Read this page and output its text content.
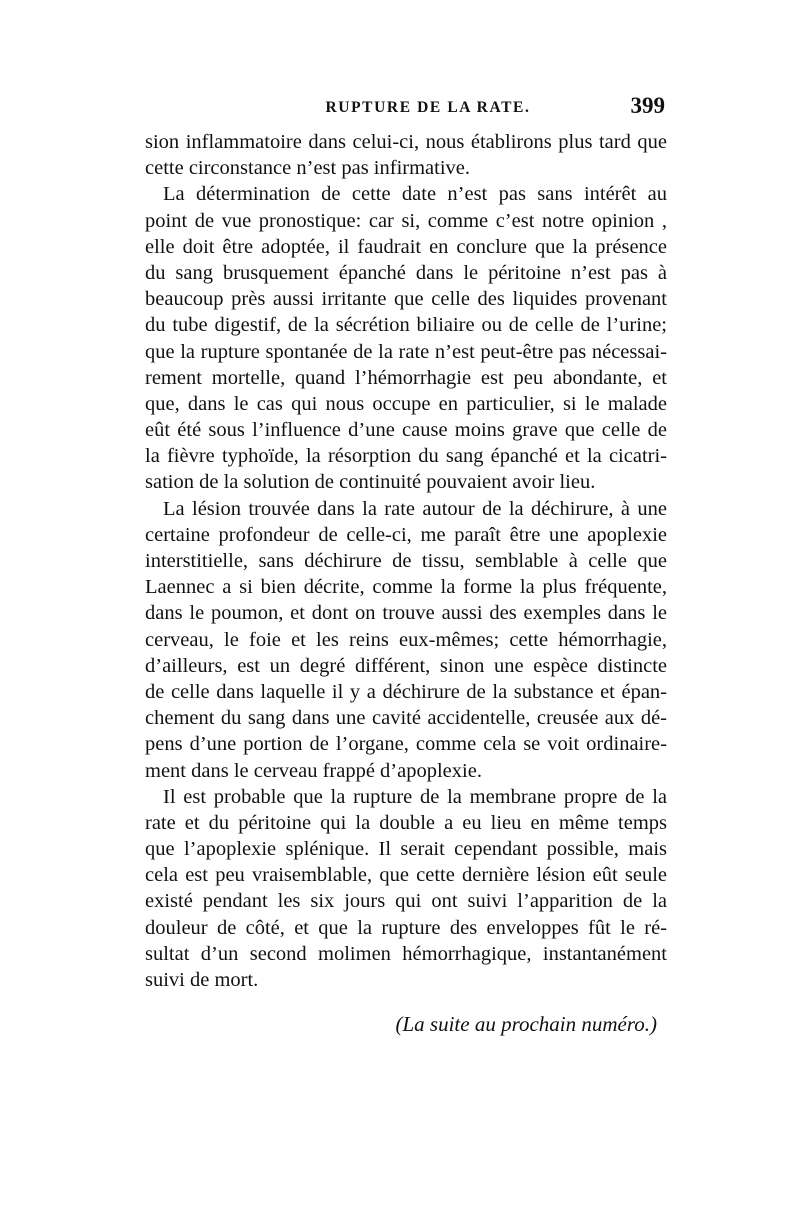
RUPTURE DE LA RATE.	399
sion inflammatoire dans celui-ci, nous établirons plus tard que
cette circonstance n’est pas infirmative.
La détermination de cette date n’est pas sans intérêt au
point de vue pronostique: car si, comme c’est notre opinion ,
elle doit être adoptée, il faudrait en conclure que la présence
du sang brusquement épanché dans le péritoine n’est pas à
beaucoup près aussi irritante que celle des liquides provenant
du tube digestif, de la sécrétion biliaire ou de celle de l’urine;
que la rupture spontanée de la rate n’est peut-être pas nécessai-
rement mortelle, quand l’hémorrhagie est peu abondante, et
que, dans le cas qui nous occupe en particulier, si le malade
eût été sous l’influence d’une cause moins grave que celle de
la fièvre typhoïde, la résorption du sang épanché et la cicatri-
sation de la solution de continuité pouvaient avoir lieu.
La lésion trouvée dans la rate autour de la déchirure, à une
certaine profondeur de celle-ci, me paraît être une apoplexie
interstitielle, sans déchirure de tissu, semblable à celle que
Laennec a si bien décrite, comme la forme la plus fréquente,
dans le poumon, et dont on trouve aussi des exemples dans le
cerveau, le foie et les reins eux-mêmes; cette hémorrhagie,
d’ailleurs, est un degré différent, sinon une espèce distincte
de celle dans laquelle il y a déchirure de la substance et épan-
chement du sang dans une cavité accidentelle, creusée aux dé-
pens d’une portion de l’organe, comme cela se voit ordinaire-
ment dans le cerveau frappé d’apoplexie.
Il est probable que la rupture de la membrane propre de la
rate et du péritoine qui la double a eu lieu en même temps
que l’apoplexie splénique. Il serait cependant possible, mais
cela est peu vraisemblable, que cette dernière lésion eût seule
existé pendant les six jours qui ont suivi l’apparition de la
douleur de côté, et que la rupture des enveloppes fût le ré-
sultat d’un second molimen hémorrhagique, instantanément
suivi de mort.
(La suite au prochain numéro.)
